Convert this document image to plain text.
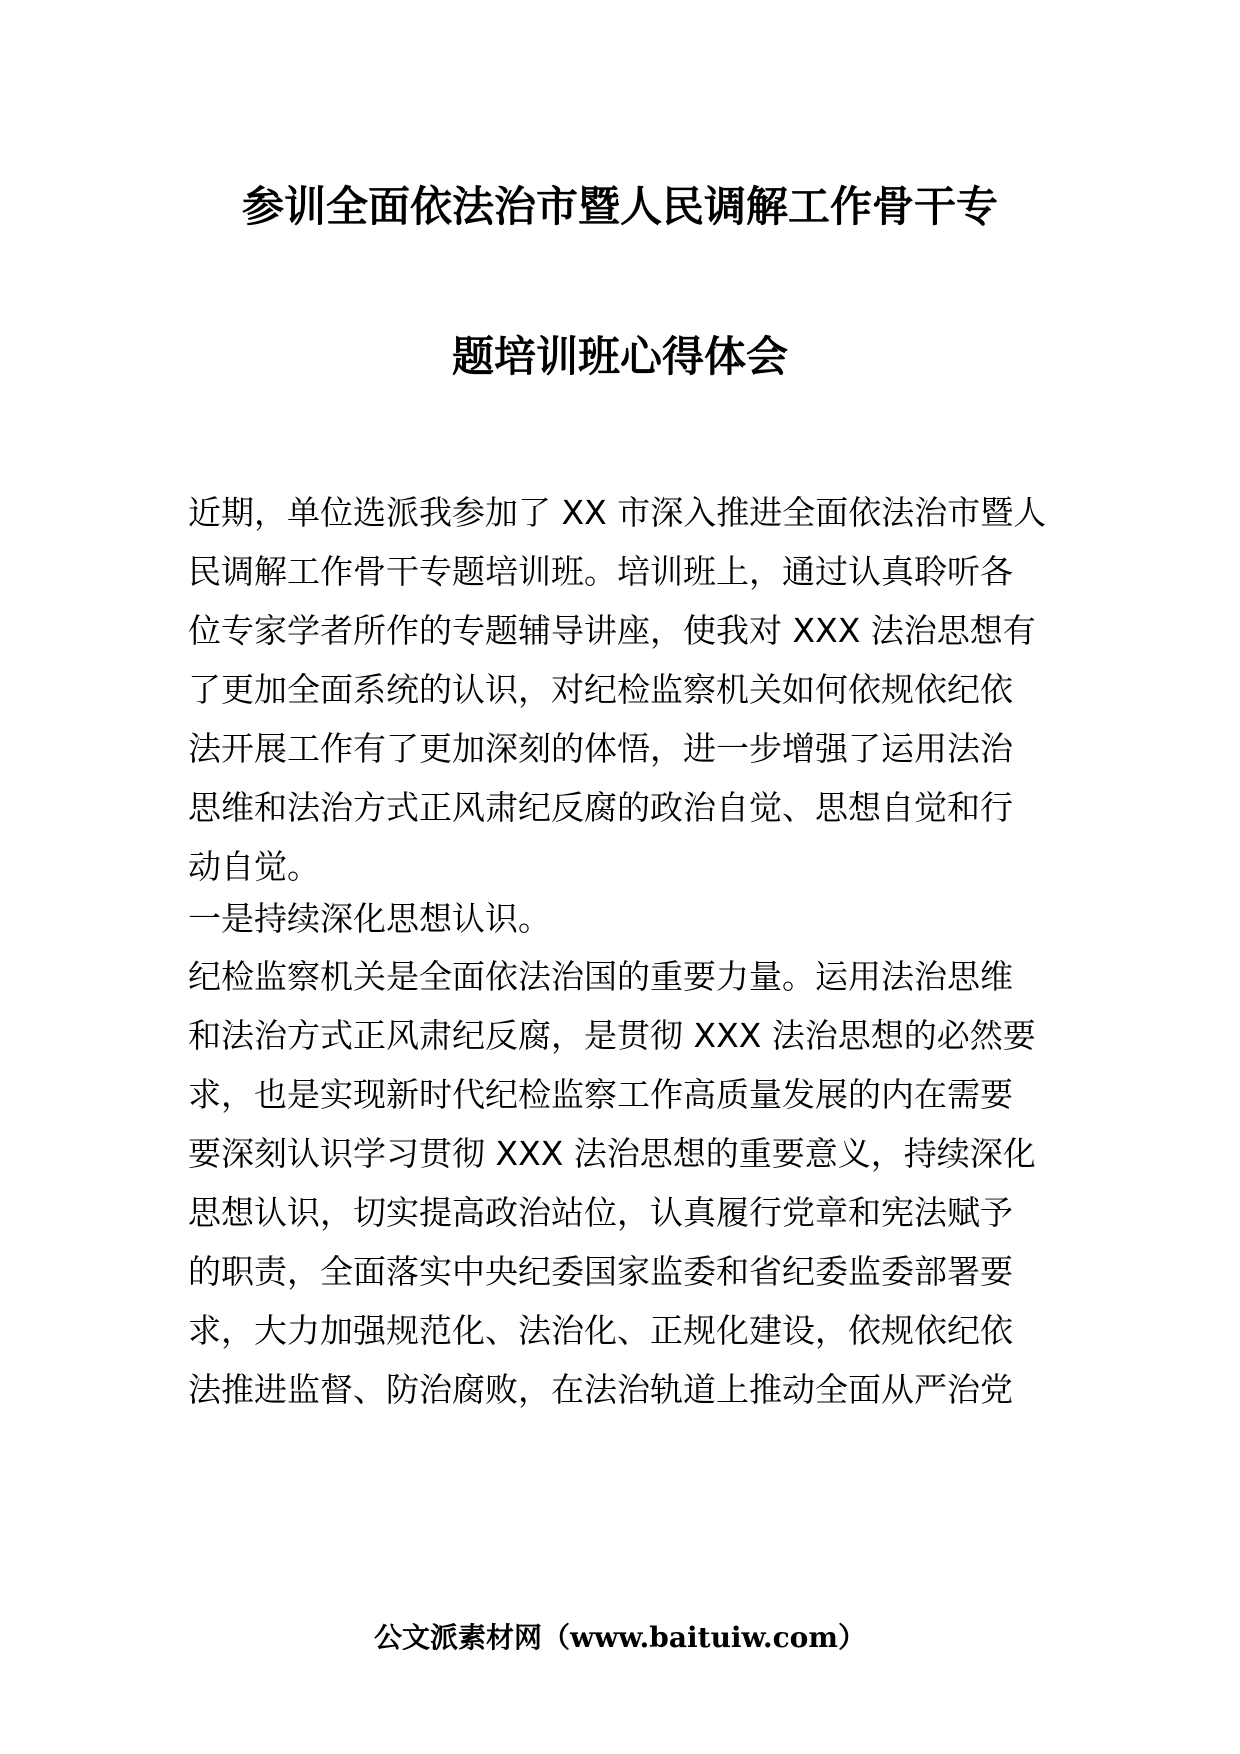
参训全面依法治市暨人民调解工作骨干专
题培训班心得体会

近期，单位选派我参加了 XX 市深入推进全面依法治市暨人

民调解工作骨干专题培训班。培训班上，通过认真聆听各

位专家学者所作的专题辅导讲座，使我对 XXX 法治思想有

了更加全面系统的认识，对纪检监察机关如何依规依纪依

法开展工作有了更加深刻的体悟，进一步增强了运用法治

思维和法治方式正风肃纪反腐的政治自觉、思想自觉和行

动自觉。

一是持续深化思想认识。

纪检监察机关是全面依法治国的重要力量。运用法治思维

和法治方式正风肃纪反腐，是贯彻 XXX 法治思想的必然要

求，也是实现新时代纪检监察工作高质量发展的内在需要

要深刻认识学习贯彻 XXX 法治思想的重要意义，持续深化

思想认识，切实提高政治站位，认真履行党章和宪法赋予

的职责，全面落实中央纪委国家监委和省纪委监委部署要

求，大力加强规范化、法治化、正规化建设，依规依纪依

法推进监督、防治腐败，在法治轨道上推动全面从严治党

公文派素材网（www.baituiw.com）
